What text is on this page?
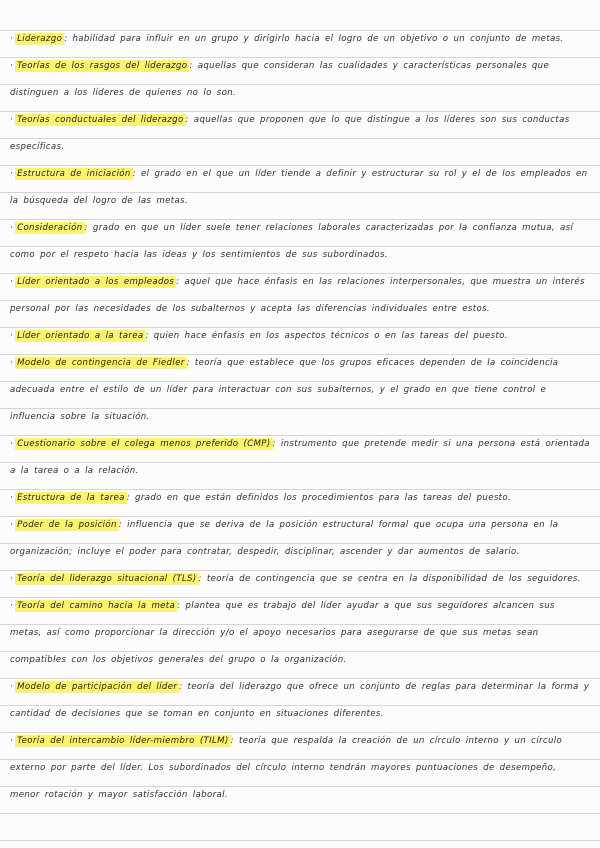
· Liderazgo : habilidad para influir en un grupo y dirigirlo hacia el logro de un objetivo o un conjunto de metas.
· Teorías de los rasgos del liderazgo : aquellas que consideran las cualidades y características personales que distinguen a los líderes de quienes no lo son.
· Teorías conductuales del liderazgo : aquellas que proponen que lo que distingue a los líderes son sus conductas específicas.
· Estructura de iniciación : el grado en el que un líder tiende a definir y estructurar su rol y el de los empleados en la búsqueda del logro de las metas.
· Consideración : grado en que un líder suele tener relaciones laborales caracterizadas por la confianza mutua, así como por el respeto hacia las ideas y los sentimientos de sus subordinados.
· Líder orientado a los empleados : aquel que hace énfasis en las relaciones interpersonales, que muestra un interés personal por las necesidades de los subalternos y acepta las diferencias individuales entre estos.
· Líder orientado a la tarea : quien hace énfasis en los aspectos técnicos o en las tareas del puesto.
· Modelo de contingencia de Fiedler : teoría que establece que los grupos eficaces dependen de la coincidencia adecuada entre el estilo de un líder para interactuar con sus subalternos, y el grado en que tiene control e influencia sobre la situación.
· Cuestionario sobre el colega menos preferido (CMP) : instrumento que pretende medir si una persona está orientada a la tarea o a la relación.
· Estructura de la tarea : grado en que están definidos los procedimientos para las tareas del puesto.
· Poder de la posición : influencia que se deriva de la posición estructural formal que ocupa una persona en la organización; incluye el poder para contratar, despedir, disciplinar, ascender y dar aumentos de salario.
· Teoría del liderazgo situacional (TLS) : teoría de contingencia que se centra en la disponibilidad de los seguidores.
· Teoría del camino hacia la meta : plantea que es trabajo del líder ayudar a que sus seguidores alcancen sus metas, así como proporcionar la dirección y/o el apoyo necesarios para asegurarse de que sus metas sean compatibles con los objetivos generales del grupo o la organización.
· Modelo de participación del líder : teoría del liderazgo que ofrece un conjunto de reglas para determinar la forma y cantidad de decisiones que se toman en conjunto en situaciones diferentes.
· Teoría del intercambio líder-miembro (TILM) : teoría que respalda la creación de un círculo interno y un círculo externo por parte del líder. Los subordinados del círculo interno tendrán mayores puntuaciones de desempeño, menor rotación y mayor satisfacción laboral.
